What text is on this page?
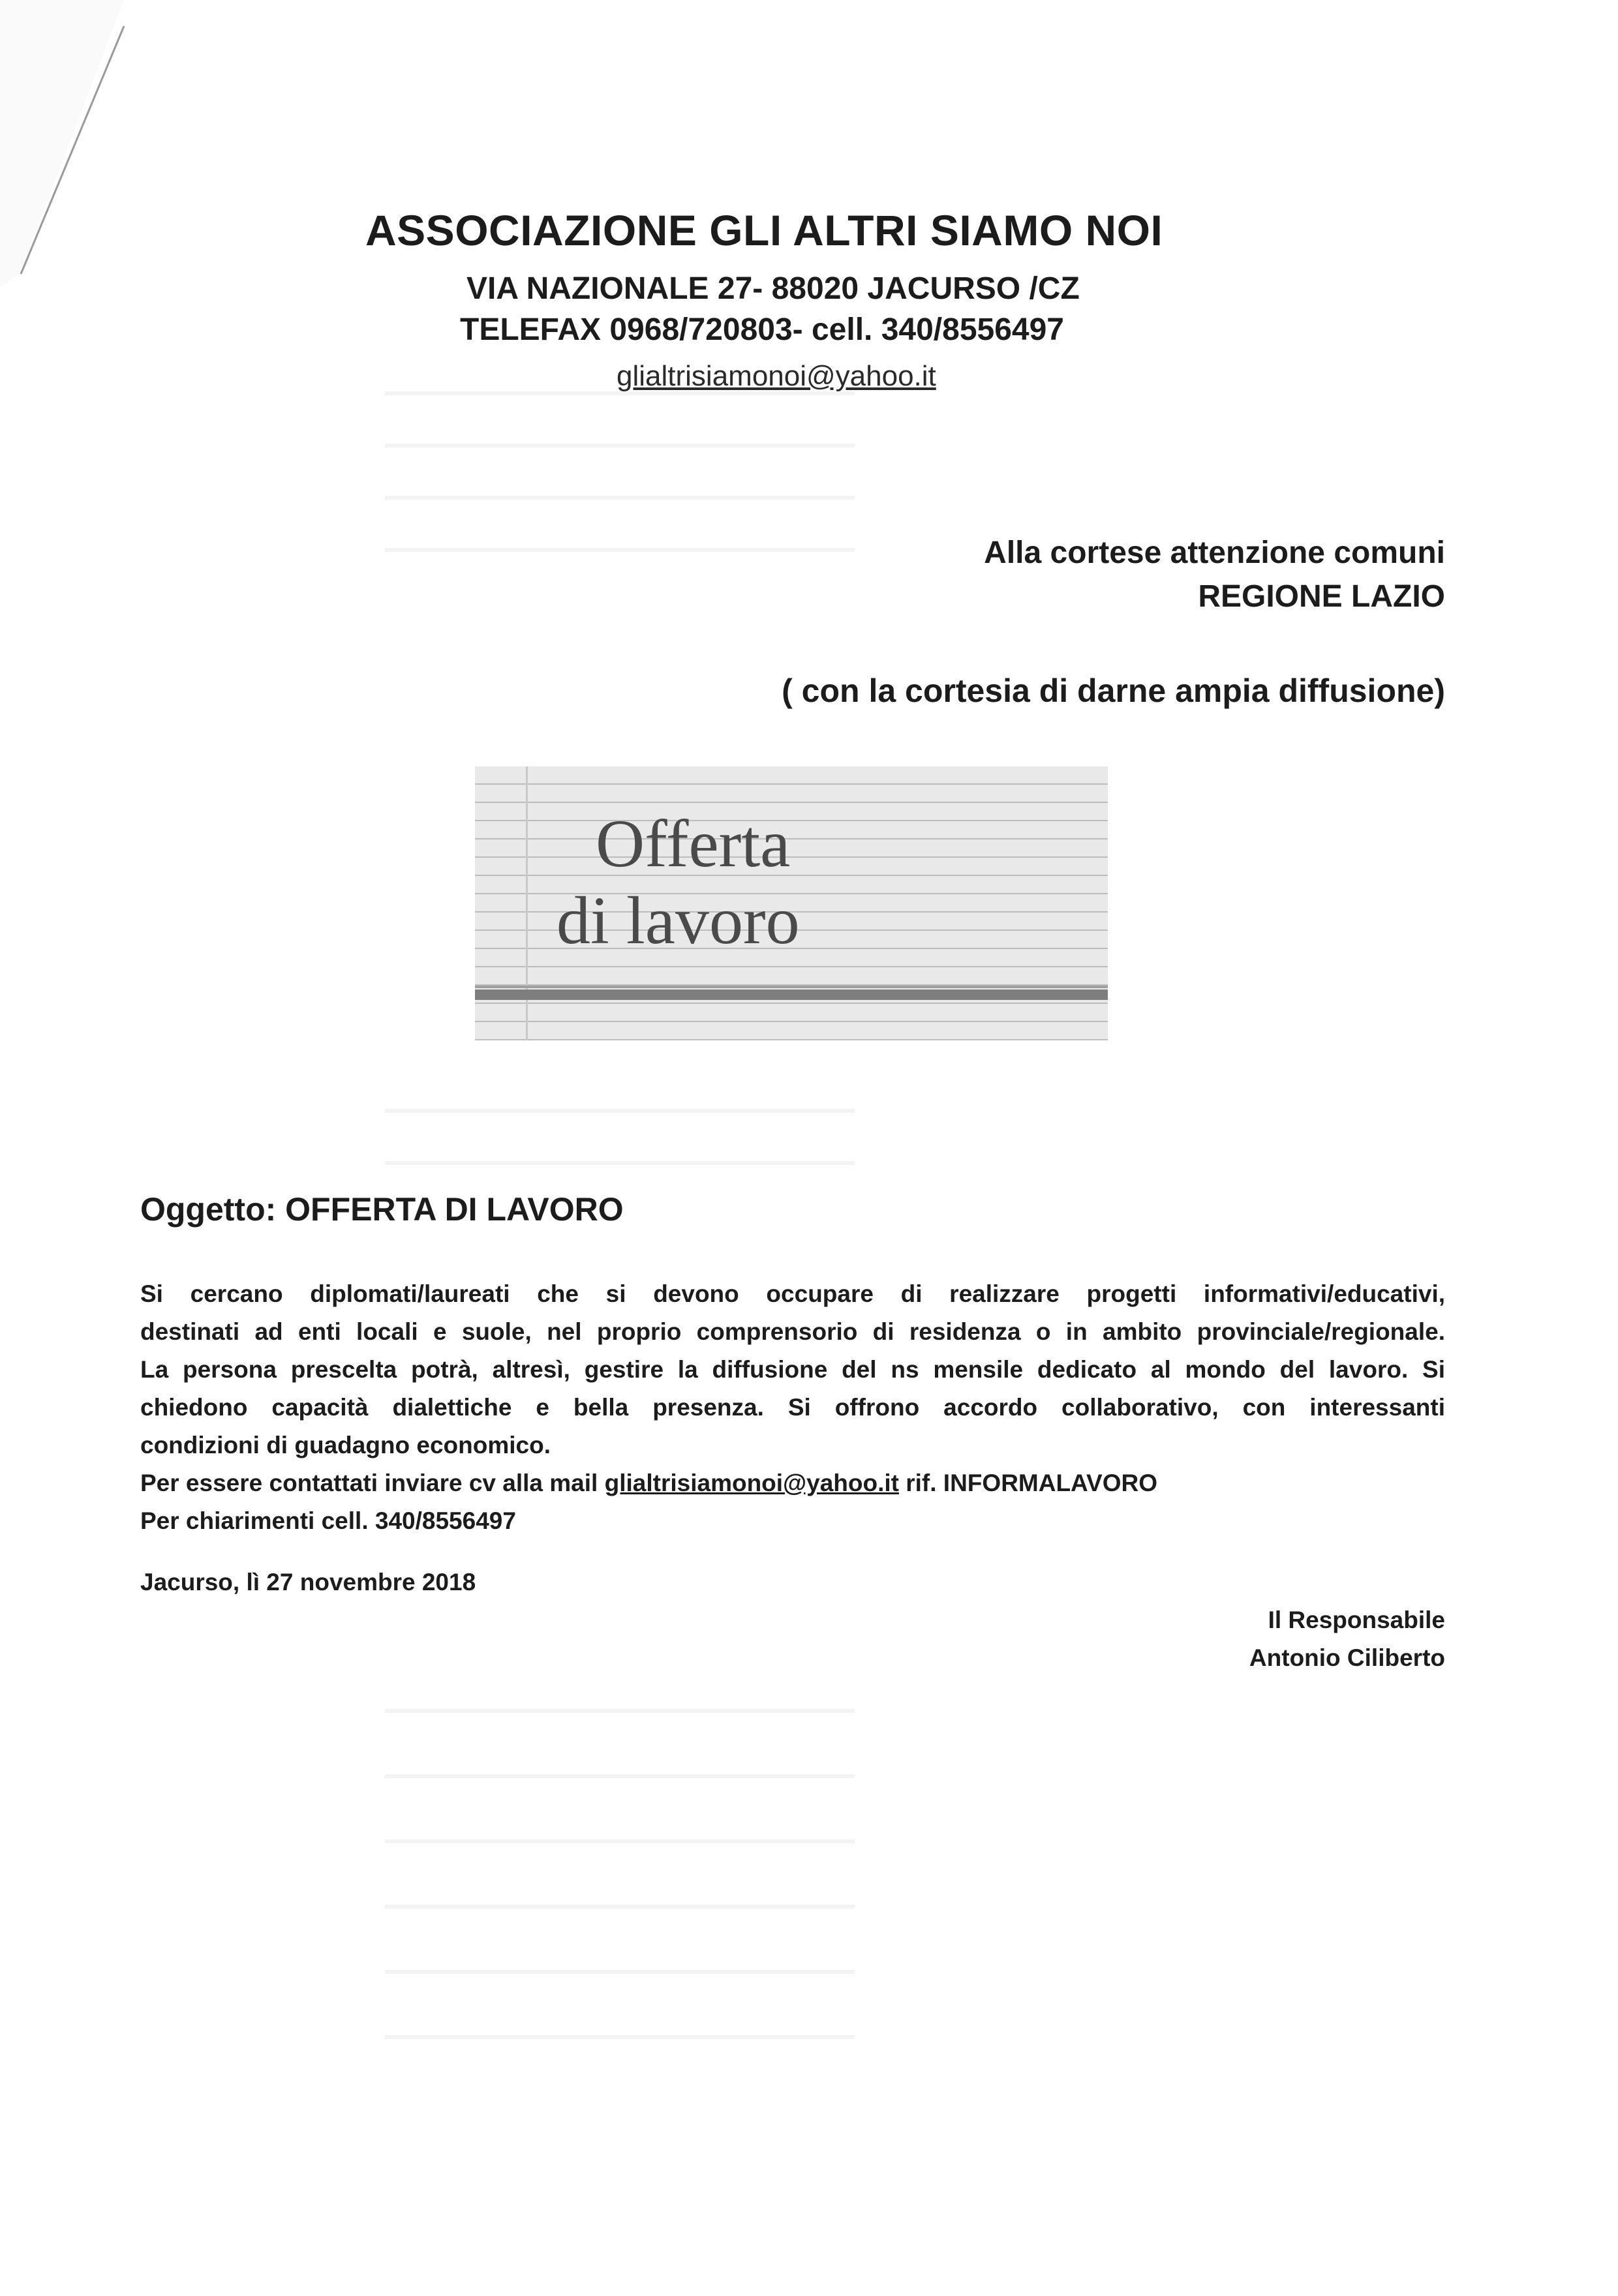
ASSOCIAZIONE GLI ALTRI SIAMO NOI
VIA NAZIONALE 27- 88020 JACURSO /CZ
TELEFAX 0968/720803- cell. 340/8556497
glialtrisiamonoi@yahoo.it
Alla cortese attenzione comuni
REGIONE LAZIO
( con la cortesia di darne ampia diffusione)
Offerta
di lavoro
Oggetto: OFFERTA DI LAVORO
Si cercano diplomati/laureati che si devono occupare di realizzare progetti informativi/educativi,
destinati ad enti locali e suole, nel proprio comprensorio di residenza o in ambito provinciale/regionale.
La persona prescelta potrà, altresì, gestire la diffusione del ns mensile dedicato al mondo del lavoro. Si
chiedono capacità dialettiche e bella presenza. Si offrono accordo collaborativo, con interessanti
condizioni di guadagno economico.
Per essere contattati inviare cv alla mail glialtrisiamonoi@yahoo.it rif. INFORMALAVORO
Per chiarimenti cell. 340/8556497
Jacurso, lì 27 novembre 2018
Il Responsabile
Antonio Ciliberto
